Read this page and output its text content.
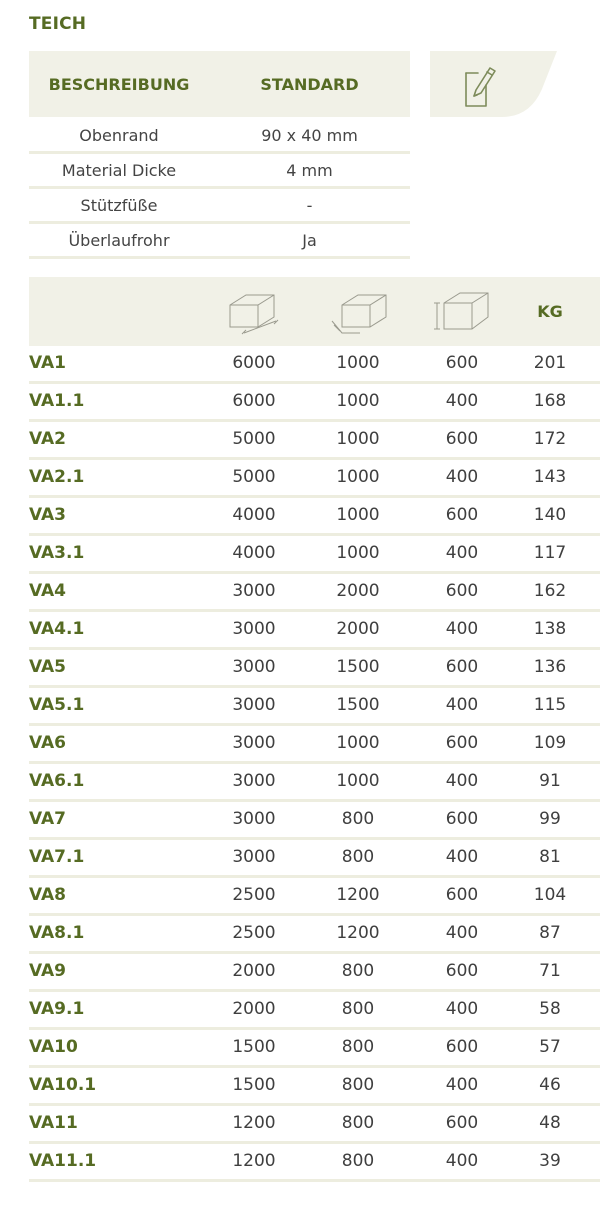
TEICH
BESCHREIBUNG	STANDARD
Obenrand	90 x 40 mm
Material Dicke	4 mm
Stützfüße	-
Überlaufrohr	Ja
KG
VA1	6000	1000	600	201
VA1.1	6000	1000	400	168
VA2	5000	1000	600	172
VA2.1	5000	1000	400	143
VA3	4000	1000	600	140
VA3.1	4000	1000	400	117
VA4	3000	2000	600	162
VA4.1	3000	2000	400	138
VA5	3000	1500	600	136
VA5.1	3000	1500	400	115
VA6	3000	1000	600	109
VA6.1	3000	1000	400	91
VA7	3000	800	600	99
VA7.1	3000	800	400	81
VA8	2500	1200	600	104
VA8.1	2500	1200	400	87
VA9	2000	800	600	71
VA9.1	2000	800	400	58
VA10	1500	800	600	57
VA10.1	1500	800	400	46
VA11	1200	800	600	48
VA11.1	1200	800	400	39
